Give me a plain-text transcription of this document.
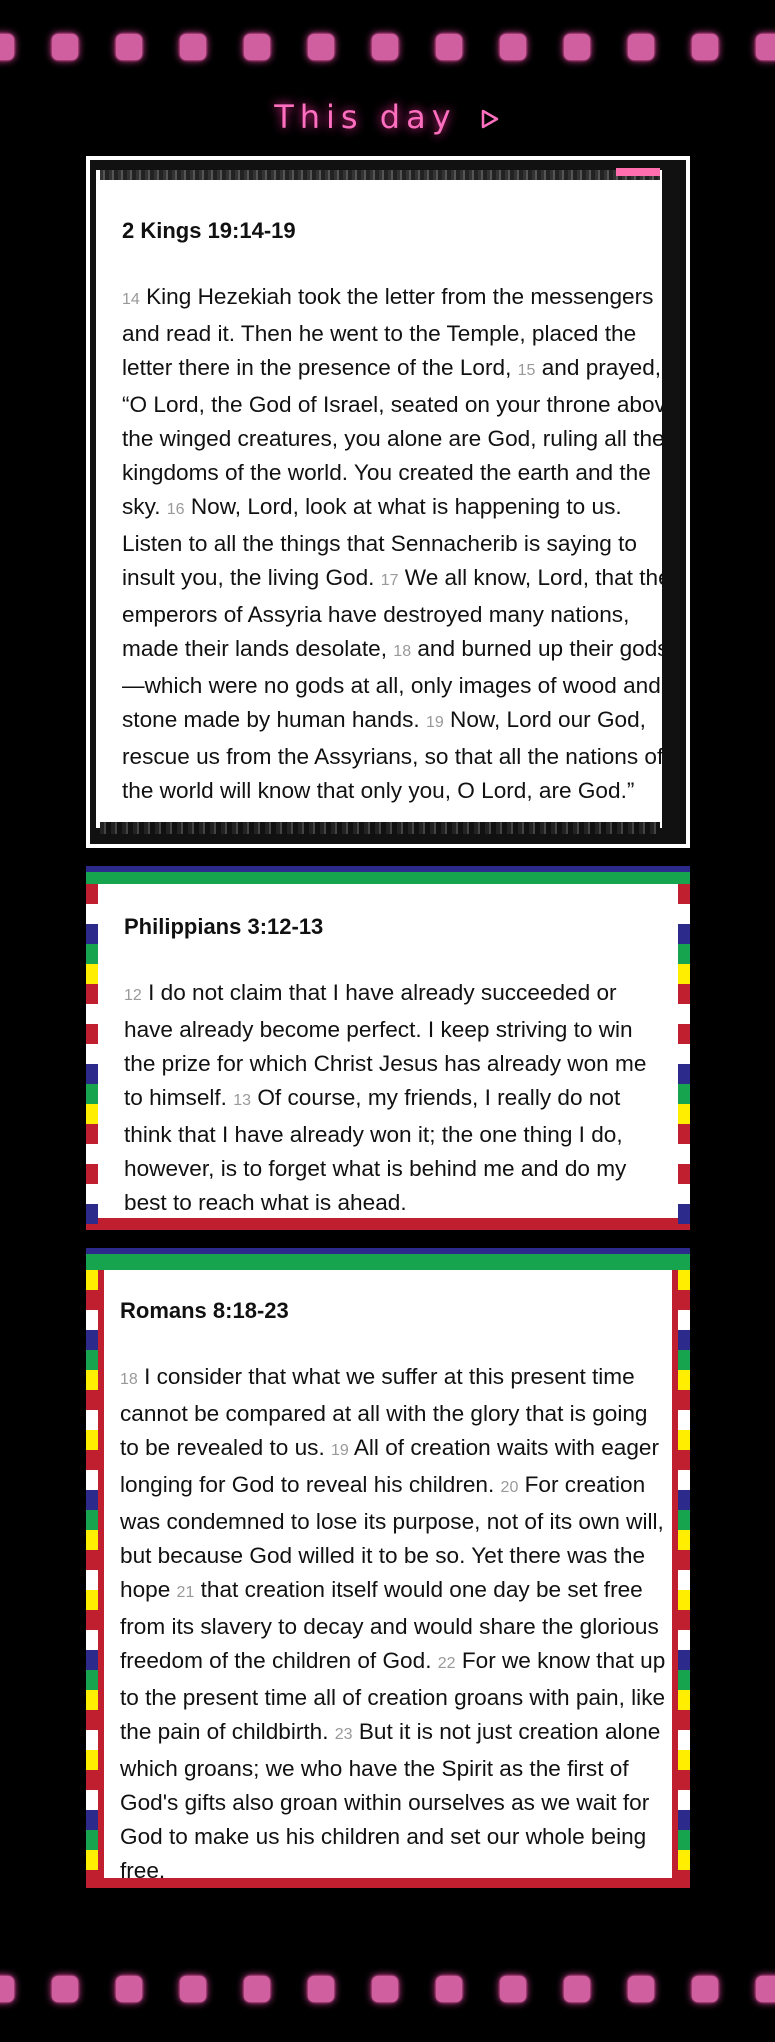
This day
2 Kings 19:14-19
14 King Hezekiah took the letter from the messengers and read it. Then he went to the Temple, placed the letter there in the presence of the Lord, 15 and prayed, “O Lord, the God of Israel, seated on your throne above the winged creatures, you alone are God, ruling all the kingdoms of the world. You created the earth and the sky. 16 Now, Lord, look at what is happening to us. Listen to all the things that Sennacherib is saying to insult you, the living God. 17 We all know, Lord, that the emperors of Assyria have destroyed many nations, made their lands desolate, 18 and burned up their gods—which were no gods at all, only images of wood and stone made by human hands. 19 Now, Lord our God, rescue us from the Assyrians, so that all the nations of the world will know that only you, O Lord, are God.”
Philippians 3:12-13
12 I do not claim that I have already succeeded or have already become perfect. I keep striving to win the prize for which Christ Jesus has already won me to himself. 13 Of course, my friends, I really do not think that I have already won it; the one thing I do, however, is to forget what is behind me and do my best to reach what is ahead.
Romans 8:18-23
18 I consider that what we suffer at this present time cannot be compared at all with the glory that is going to be revealed to us. 19 All of creation waits with eager longing for God to reveal his children. 20 For creation was condemned to lose its purpose, not of its own will, but because God willed it to be so. Yet there was the hope 21 that creation itself would one day be set free from its slavery to decay and would share the glorious freedom of the children of God. 22 For we know that up to the present time all of creation groans with pain, like the pain of childbirth. 23 But it is not just creation alone which groans; we who have the Spirit as the first of God's gifts also groan within ourselves as we wait for God to make us his children and set our whole being free.
